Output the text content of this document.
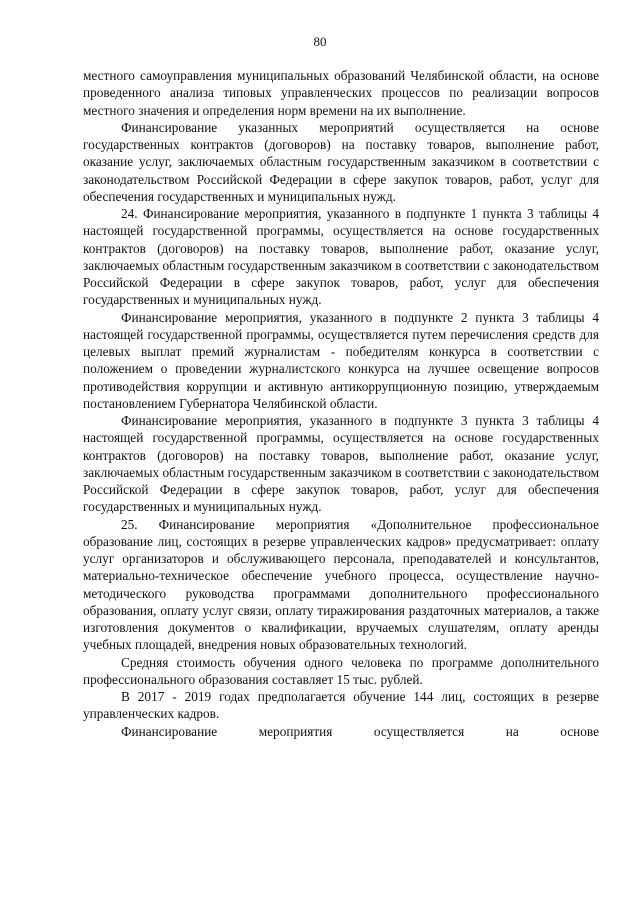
80

местного самоуправления муниципальных образований Челябинской области, на основе проведенного анализа типовых управленческих процессов по реализации вопросов местного значения и определения норм времени на их выполнение.

Финансирование указанных мероприятий осуществляется на основе государственных контрактов (договоров) на поставку товаров, выполнение работ, оказание услуг, заключаемых областным государственным заказчиком в соответствии с законодательством Российской Федерации в сфере закупок товаров, работ, услуг для обеспечения государственных и муниципальных нужд.

24. Финансирование мероприятия, указанного в подпункте 1 пункта 3 таблицы 4 настоящей государственной программы, осуществляется на основе государственных контрактов (договоров) на поставку товаров, выполнение работ, оказание услуг, заключаемых областным государственным заказчиком в соответствии с законодательством Российской Федерации в сфере закупок товаров, работ, услуг для обеспечения государственных и муниципальных нужд.

Финансирование мероприятия, указанного в подпункте 2 пункта 3 таблицы 4 настоящей государственной программы, осуществляется путем перечисления средств для целевых выплат премий журналистам - победителям конкурса в соответствии с положением о проведении журналистского конкурса на лучшее освещение вопросов противодействия коррупции и активную антикоррупционную позицию, утверждаемым постановлением Губернатора Челябинской области.

Финансирование мероприятия, указанного в подпункте 3 пункта 3 таблицы 4 настоящей государственной программы, осуществляется на основе государственных контрактов (договоров) на поставку товаров, выполнение работ, оказание услуг, заключаемых областным государственным заказчиком в соответствии с законодательством Российской Федерации в сфере закупок товаров, работ, услуг для обеспечения государственных и муниципальных нужд.

25. Финансирование мероприятия «Дополнительное профессиональное образование лиц, состоящих в резерве управленческих кадров» предусматривает: оплату услуг организаторов и обслуживающего персонала, преподавателей и консультантов, материально-техническое обеспечение учебного процесса, осуществление научно-методического руководства программами дополнительного профессионального образования, оплату услуг связи, оплату тиражирования раздаточных материалов, а также изготовления документов о квалификации, вручаемых слушателям, оплату аренды учебных площадей, внедрения новых образовательных технологий.

Средняя стоимость обучения одного человека по программе дополнительного профессионального образования составляет 15 тыс. рублей.

В 2017 - 2019 годах предполагается обучение 144 лиц, состоящих в резерве управленческих кадров.

Финансирование мероприятия осуществляется на основе
